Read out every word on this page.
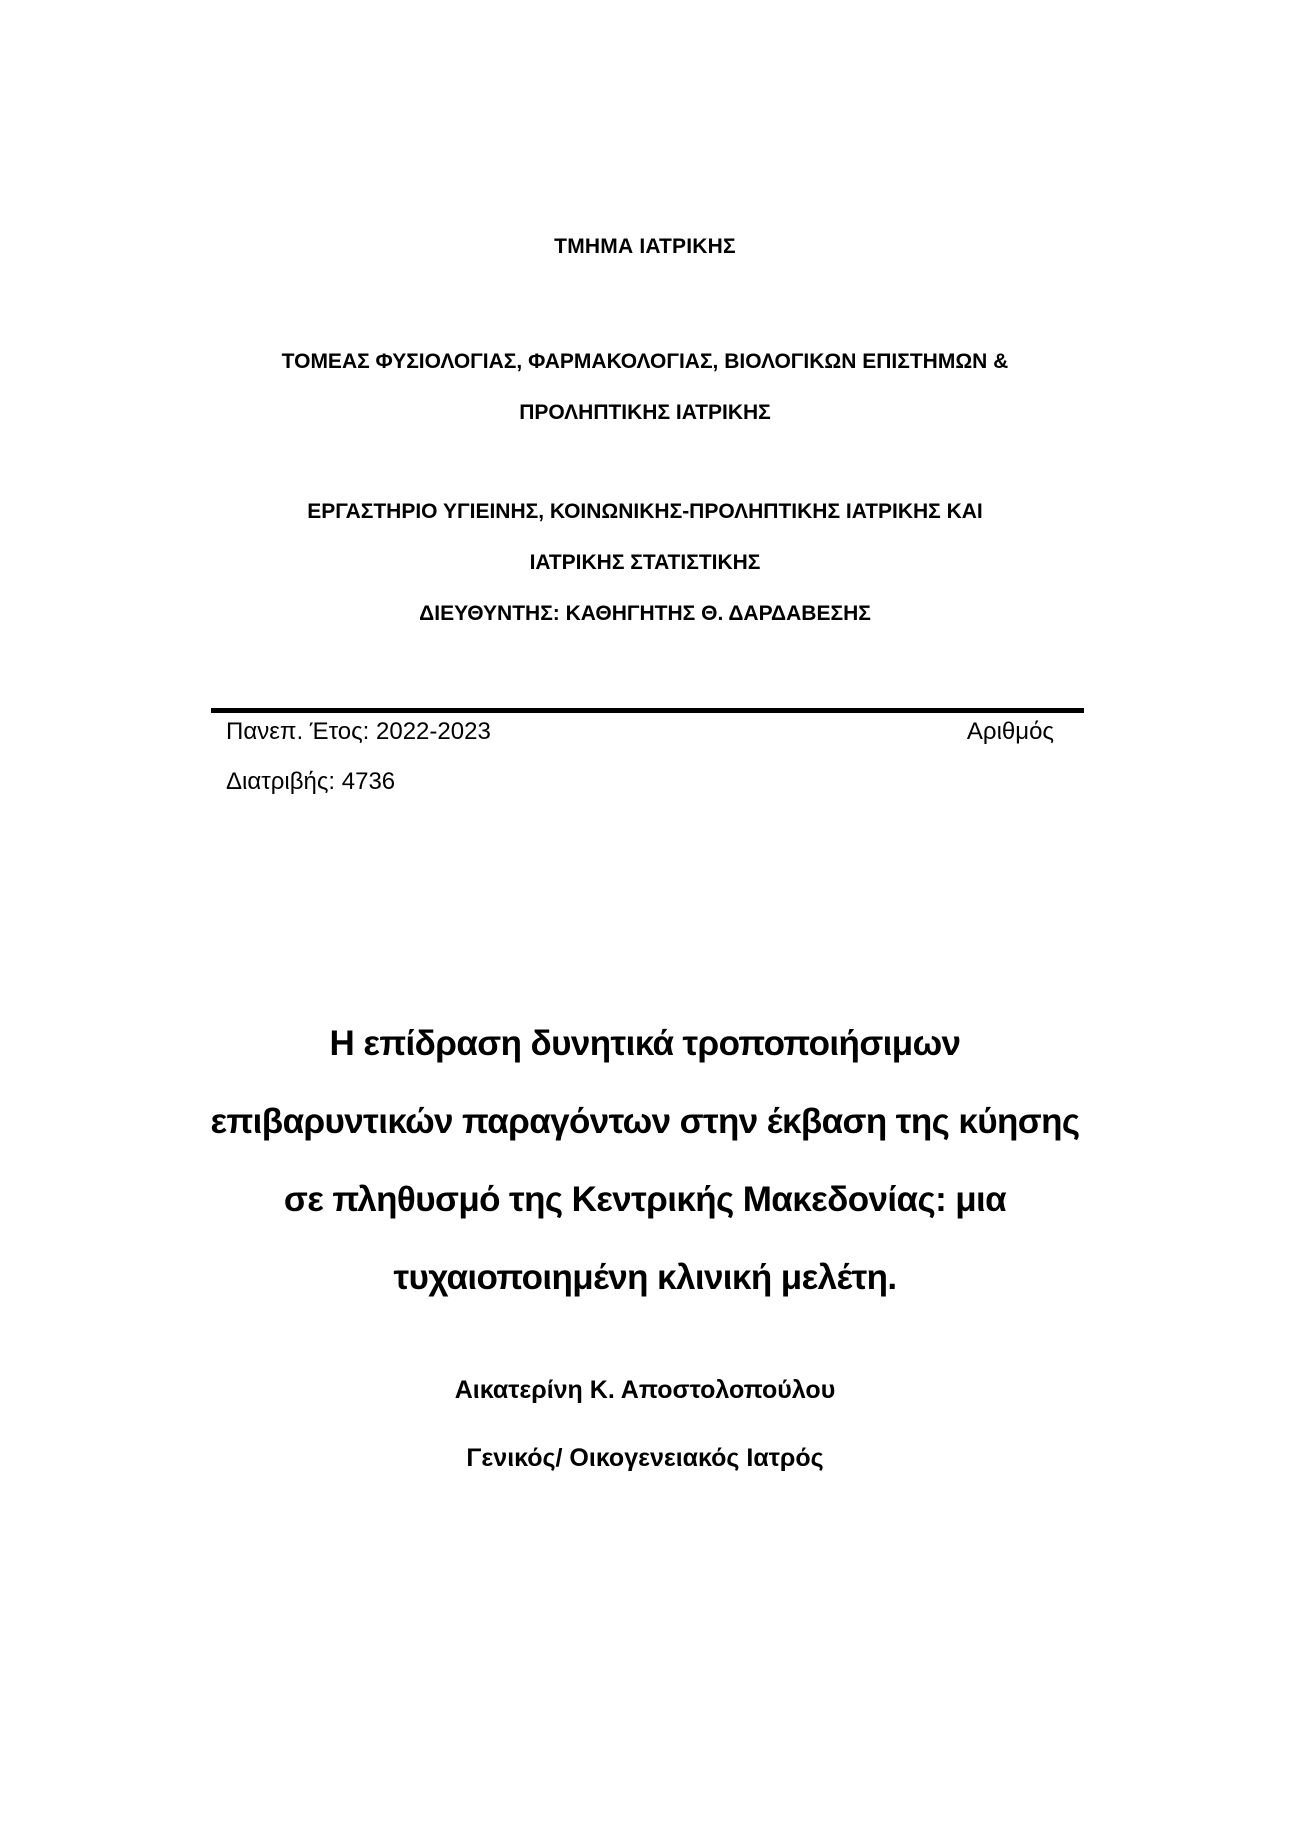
ΤΜΗΜΑ ΙΑΤΡΙΚΗΣ
ΤΟΜΕΑΣ ΦΥΣΙΟΛΟΓΙΑΣ, ΦΑΡΜΑΚΟΛΟΓΙΑΣ, ΒΙΟΛΟΓΙΚΩΝ ΕΠΙΣΤΗΜΩΝ &
ΠΡΟΛΗΠΤΙΚΗΣ ΙΑΤΡΙΚΗΣ
ΕΡΓΑΣΤΗΡΙΟ ΥΓΙΕΙΝΗΣ, ΚΟΙΝΩΝΙΚΗΣ-ΠΡΟΛΗΠΤΙΚΗΣ ΙΑΤΡΙΚΗΣ ΚΑΙ
ΙΑΤΡΙΚΗΣ ΣΤΑΤΙΣΤΙΚΗΣ
ΔΙΕΥΘΥΝΤΗΣ: ΚΑΘΗΓΗΤΗΣ Θ. ΔΑΡΔΑΒΕΣΗΣ
Πανεπ. Έτος: 2022-2023	Αριθμός
Διατριβής: 4736
Η επίδραση δυνητικά τροποποιήσιμων
επιβαρυντικών παραγόντων στην έκβαση της κύησης
σε πληθυσμό της Κεντρικής Μακεδονίας: μια
τυχαιοποιημένη κλινική μελέτη.
Αικατερίνη Κ. Αποστολοπούλου
Γενικός/ Οικογενειακός Ιατρός
